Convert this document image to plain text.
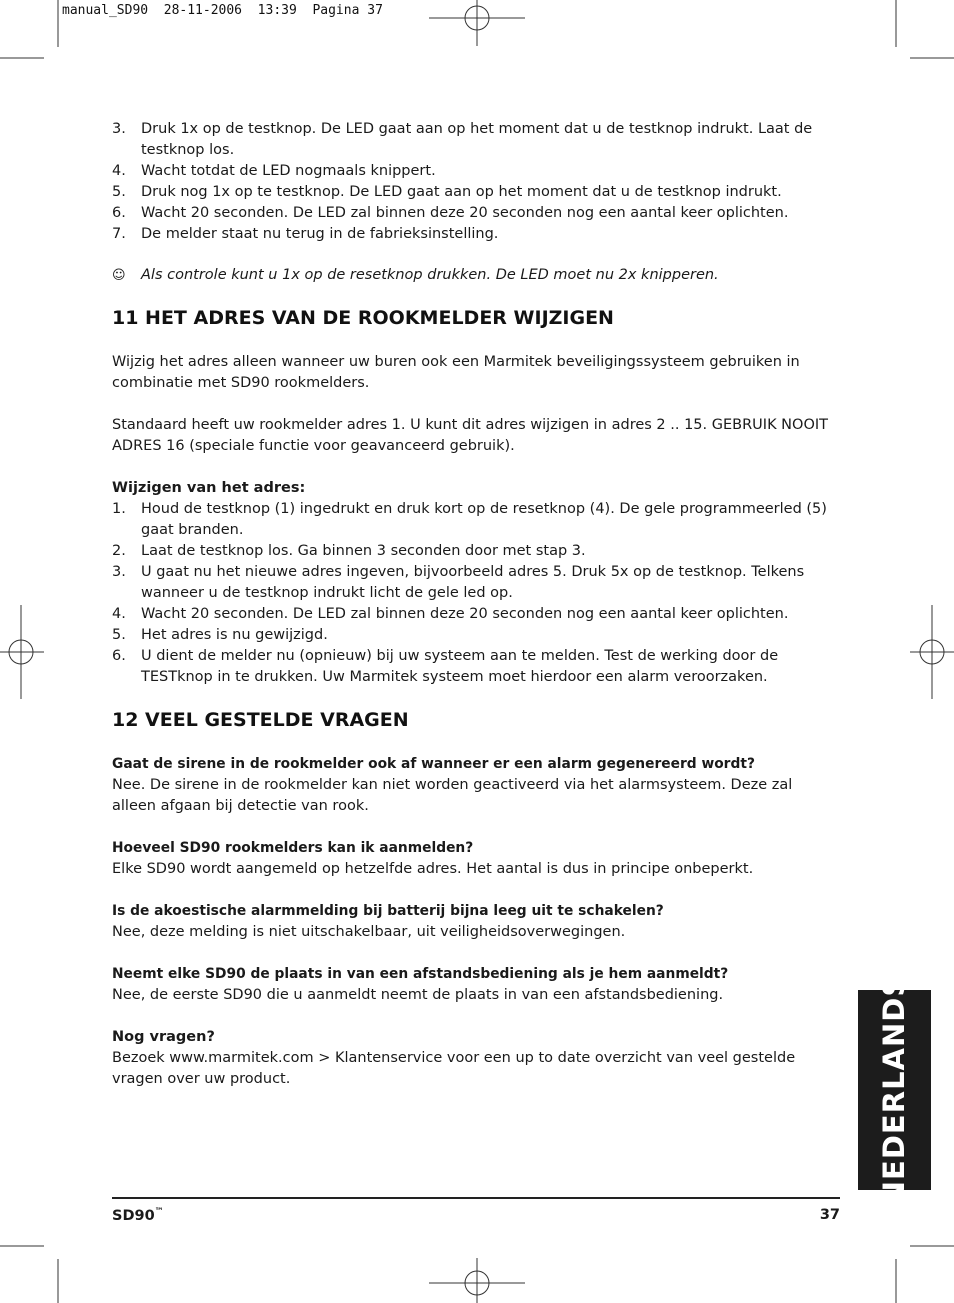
manual_SD90  28-11-2006  13:39  Pagina 37
3. Druk 1x op de testknop. De LED gaat aan op het moment dat u de testknop indrukt. Laat de testknop los.
4. Wacht totdat de LED nogmaals knippert.
5. Druk nog 1x op te testknop. De LED gaat aan op het moment dat u de testknop indrukt.
6. Wacht 20 seconden. De LED zal binnen deze 20 seconden nog een aantal keer oplichten.
7. De melder staat nu terug in de fabrieksinstelling.

☺ Als controle kunt u 1x op de resetknop drukken. De LED moet nu 2x knipperen.

11 HET ADRES VAN DE ROOKMELDER WIJZIGEN

Wijzig het adres alleen wanneer uw buren ook een Marmitek beveiligingssysteem gebruiken in combinatie met SD90 rookmelders.

Standaard heeft uw rookmelder adres 1. U kunt dit adres wijzigen in adres 2 .. 15. GEBRUIK NOOIT ADRES 16 (speciale functie voor geavanceerd gebruik).

Wijzigen van het adres:
1. Houd de testknop (1) ingedrukt en druk kort op de resetknop (4). De gele programmeerled (5) gaat branden.
2. Laat de testknop los. Ga binnen 3 seconden door met stap 3.
3. U gaat nu het nieuwe adres ingeven, bijvoorbeeld adres 5. Druk 5x op de testknop. Telkens wanneer u de testknop indrukt licht de gele led op.
4. Wacht 20 seconden. De LED zal binnen deze 20 seconden nog een aantal keer oplichten.
5. Het adres is nu gewijzigd.
6. U dient de melder nu (opnieuw) bij uw systeem aan te melden. Test de werking door de TESTknop in te drukken. Uw Marmitek systeem moet hierdoor een alarm veroorzaken.
12 VEEL GESTELDE VRAGEN
Gaat de sirene in de rookmelder ook af wanneer er een alarm gegenereerd wordt?

Nee. De sirene in de rookmelder kan niet worden geactiveerd via het alarmsysteem. Deze zal alleen afgaan bij detectie van rook.

Hoeveel SD90 rookmelders kan ik aanmelden?

Elke SD90 wordt aangemeld op hetzelfde adres. Het aantal is dus in principe onbeperkt.

Is de akoestische alarmmelding bij batterij bijna leeg uit te schakelen?

Nee, deze melding is niet uitschakelbaar, uit veiligheidsoverwegingen.

Neemt elke SD90 de plaats in van een afstandsbediening als je hem aanmeldt?

Nee, de eerste SD90 die u aanmeldt neemt de plaats in van een afstandsbediening.

Nog vragen?

Bezoek www.marmitek.com > Klantenservice voor een up to date overzicht van veel gestelde vragen over uw product.	NEDERLANDS
SD90™	37
